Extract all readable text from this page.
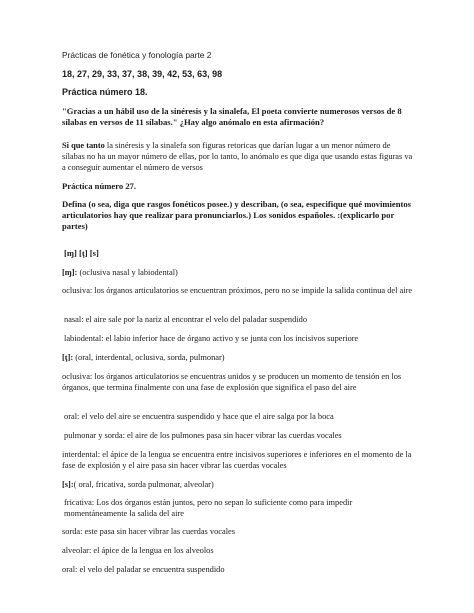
Prácticas de fonética y fonología parte 2

18, 27, 29, 33, 37, 38, 39, 42, 53, 63, 98

Práctica número 18.

"Gracias a un hábil uso de la sinéresis y la sinalefa, El poeta convierte numerosos versos de 8 sílabas en versos de 11 sílabas." ¿Hay algo anómalo en esta afirmación?

Si que tanto la sinéresis y la sinalefa son figuras retoricas que darían lugar a un menor número de sílabas no ha un mayor número de ellas, por lo tanto, lo anómalo es que diga que usando estas figuras va a conseguir aumentar el número de versos

Práctica número 27.

Defina (o sea, diga que rasgos fonéticos posee.) y describan, (o sea, especifique qué movimientos articulatorios hay que realizar para pronunciarlos.) Los sonidos españoles. :(explicarlo por partes)

[ɱ] [ţ] [s]

[ɱ]: (oclusiva nasal y labiodental)

oclusiva: los órganos articulatorios se encuentran próximos, pero no se impide la salida continua del aire

nasal: el aire sale por la nariz al encontrar el velo del paladar suspendido

labiodental: el labio inferior hace de órgano activo y se junta con los incisivos superiore

[ţ]: (oral, interdental, oclusiva, sorda, pulmonar)

oclusiva: los órganos articulatorios se encuentras unidos y se producen un momento de tensión en los órganos, que termina finalmente con una fase de explosión que significa el paso del aire

oral: el velo del aire se encuentra suspendido y hace que el aire salga por la boca

pulmonar y sorda: el aire de los pulmones pasa sin hacer vibrar las cuerdas vocales

interdental: el ápice de la lengua se encuentra entre incisivos superiores e inferiores en el momento de la fase de explosión y el aire pasa sin hacer vibrar las cuerdas vocales

[s]:( oral, fricativa, sorda pulmonar, alveolar)

fricativa: Los dos órganos están juntos, pero no sepan lo suficiente como para impedir momentáneamente la salida del aire

sorda: este pasa sin hacer vibrar las cuerdas vocales

alveolar: el ápice de la lengua en los alveolos

oral: el velo del paladar se encuentra suspendido
